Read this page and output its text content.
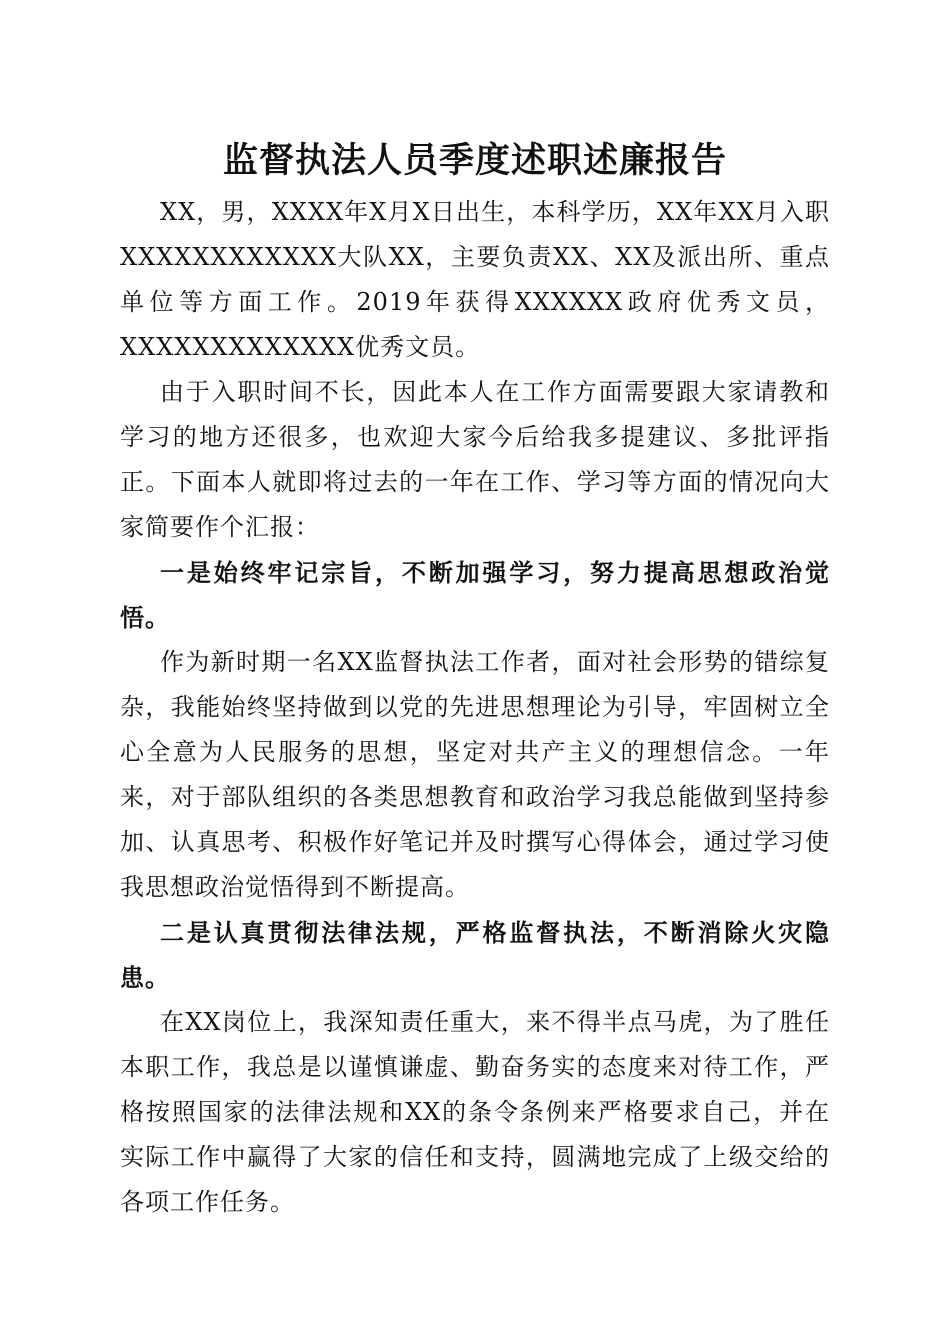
监督执法人员季度述职述廉报告

XX，男，XXXX年X月X日出生，本科学历，XX年XX月入职XXXXXXXXXXXX大队XX，主要负责XX、XX及派出所、重点单位等方面工作。2019年获得XXXXXX政府优秀文员，XXXXXXXXXXXXX优秀文员。

由于入职时间不长，因此本人在工作方面需要跟大家请教和学习的地方还很多，也欢迎大家今后给我多提建议、多批评指正。下面本人就即将过去的一年在工作、学习等方面的情况向大家简要作个汇报：

一是始终牢记宗旨，不断加强学习，努力提高思想政治觉悟。

作为新时期一名XX监督执法工作者，面对社会形势的错综复杂，我能始终坚持做到以党的先进思想理论为引导，牢固树立全心全意为人民服务的思想，坚定对共产主义的理想信念。一年来，对于部队组织的各类思想教育和政治学习我总能做到坚持参加、认真思考、积极作好笔记并及时撰写心得体会，通过学习使我思想政治觉悟得到不断提高。

二是认真贯彻法律法规，严格监督执法，不断消除火灾隐患。

在XX岗位上，我深知责任重大，来不得半点马虎，为了胜任本职工作，我总是以谨慎谦虚、勤奋务实的态度来对待工作，严格按照国家的法律法规和XX的条令条例来严格要求自己，并在实际工作中赢得了大家的信任和支持，圆满地完成了上级交给的各项工作任务。
